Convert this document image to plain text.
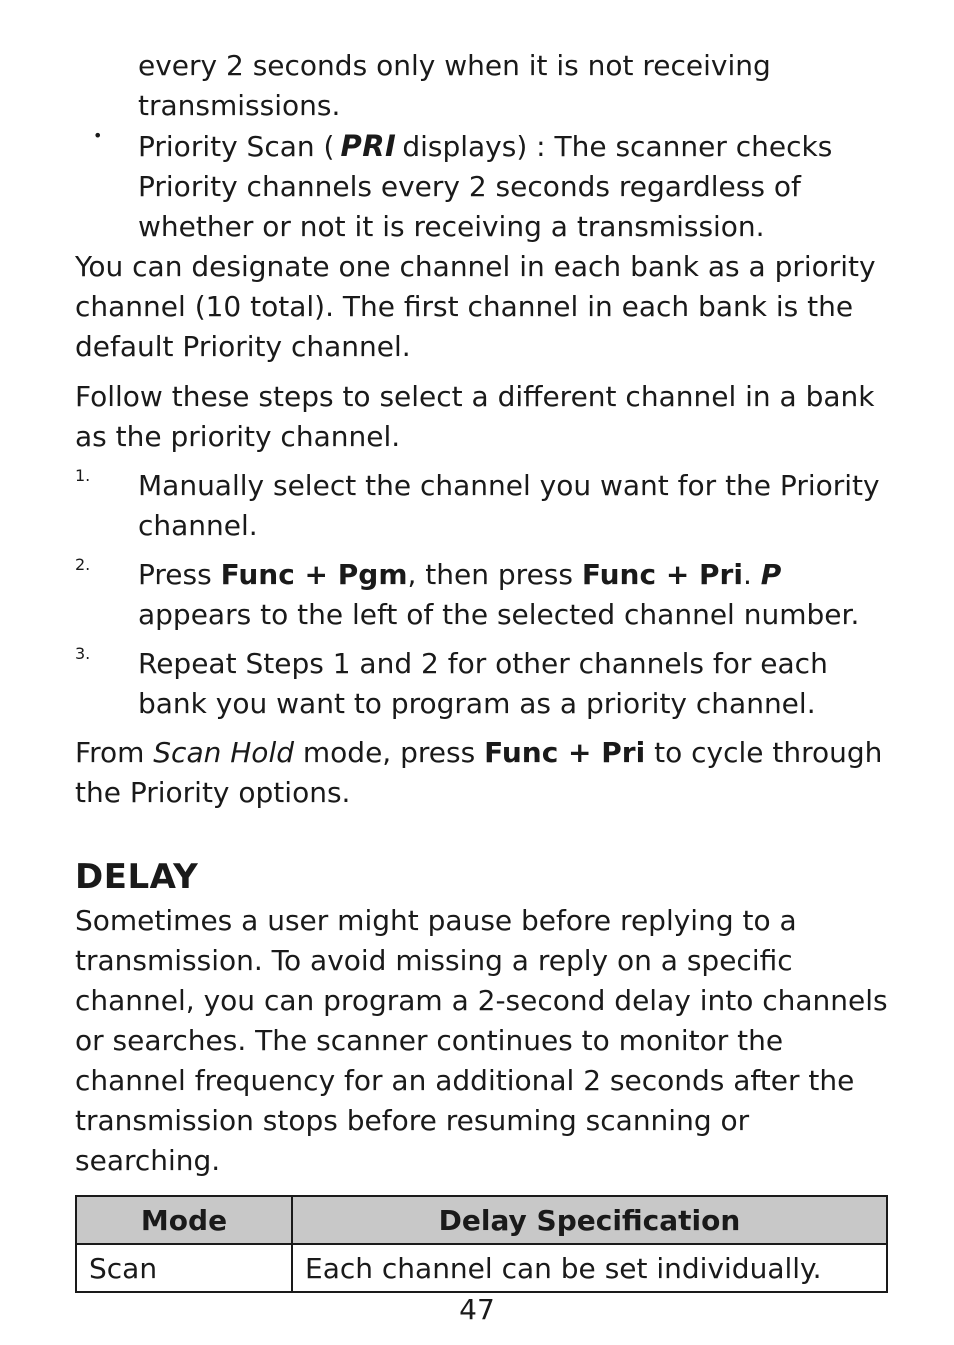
every 2 seconds only when it is not receiving transmissions.

• Priority Scan ( PRI displays) : The scanner checks Priority channels every 2 seconds regardless of whether or not it is receiving a transmission.

You can designate one channel in each bank as a priority channel (10 total). The first channel in each bank is the default Priority channel.

Follow these steps to select a different channel in a bank as the priority channel.

1. Manually select the channel you want for the Priority channel.

2. Press Func + Pgm, then press Func + Pri. P appears to the left of the selected channel number.

3. Repeat Steps 1 and 2 for other channels for each bank you want to program as a priority channel.

From Scan Hold mode, press Func + Pri to cycle through the Priority options.

DELAY

Sometimes a user might pause before replying to a transmission. To avoid missing a reply on a specific channel, you can program a 2-second delay into channels or searches. The scanner continues to monitor the channel frequency for an additional 2 seconds after the transmission stops before resuming scanning or searching.

Mode	Delay Specification
Scan	Each channel can be set individually.
47
